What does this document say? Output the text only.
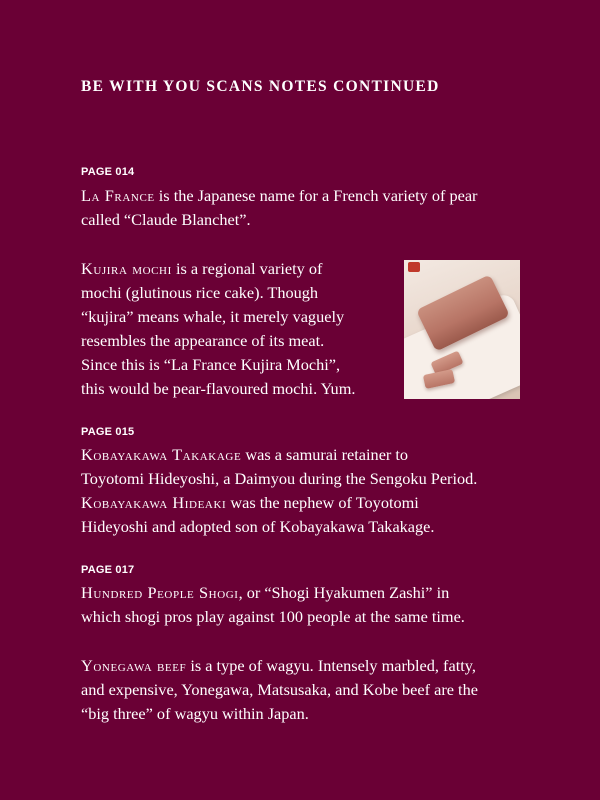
BE WITH YOU SCANS NOTES CONTINUED
PAGE 014
La France is the Japanese name for a French variety of pear
called “Claude Blanchet”.
Kujira mochi is a regional variety of
mochi (glutinous rice cake). Though
“kujira” means whale, it merely vaguely
resembles the appearance of its meat.
Since this is “La France Kujira Mochi”,
this would be pear-flavoured mochi. Yum.
PAGE 015
Kobayakawa Takakage was a samurai retainer to
Toyotomi Hideyoshi, a Daimyou during the Sengoku Period.
Kobayakawa Hideaki was the nephew of Toyotomi
Hideyoshi and adopted son of Kobayakawa Takakage.
PAGE 017
Hundred People Shogi, or “Shogi Hyakumen Zashi” in
which shogi pros play against 100 people at the same time.
Yonegawa beef is a type of wagyu. Intensely marbled, fatty,
and expensive, Yonegawa, Matsusaka, and Kobe beef are the
“big three” of wagyu within Japan.
